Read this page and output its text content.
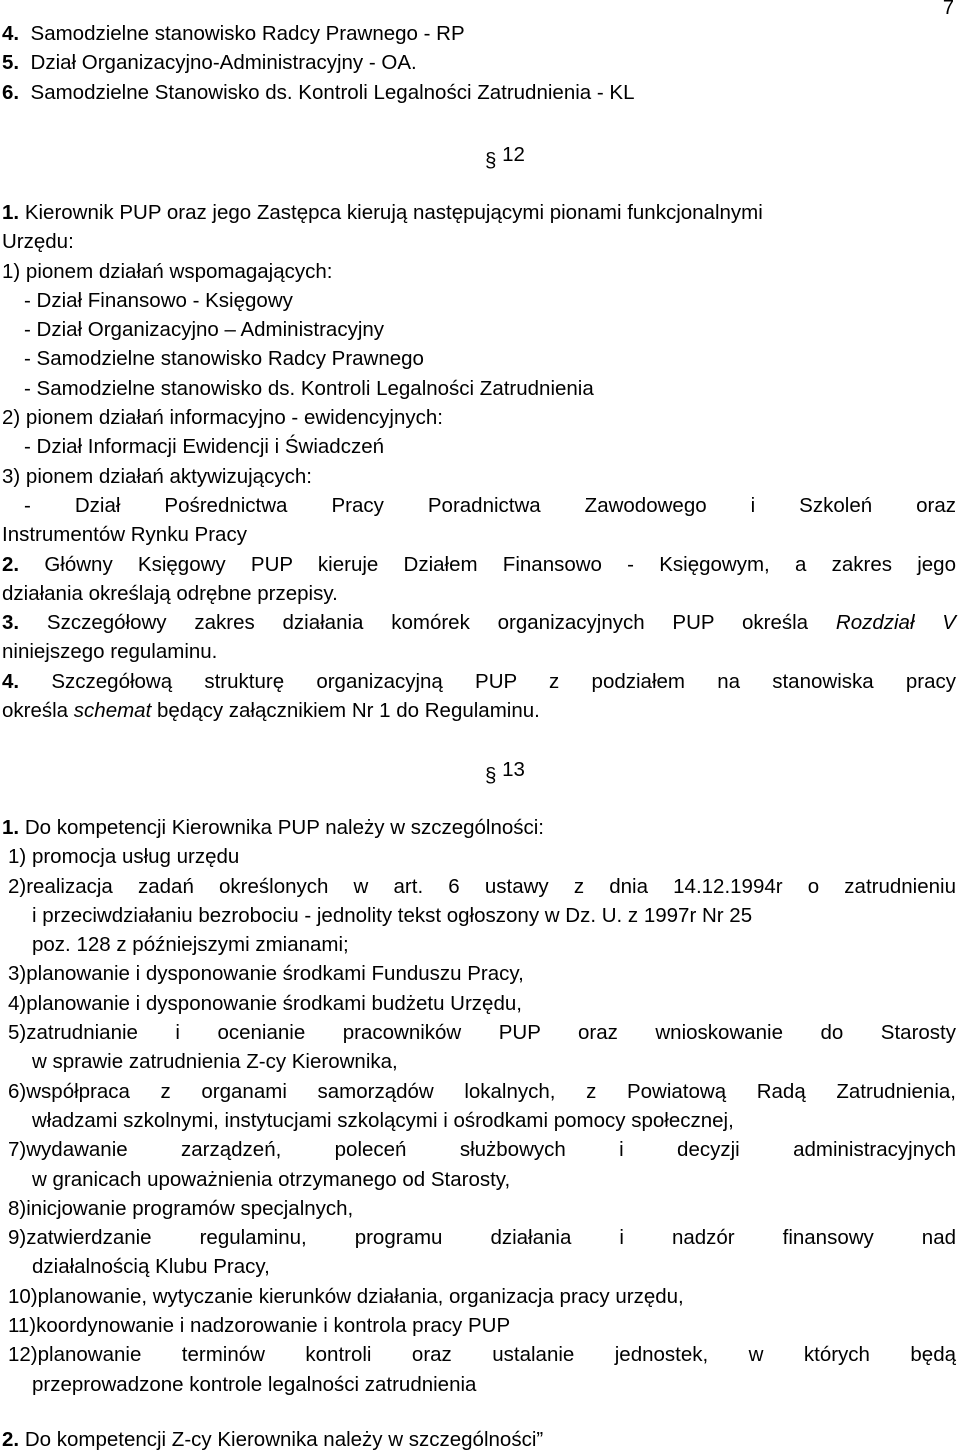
7
4. Samodzielne stanowisko Radcy Prawnego - RP
5. Dział Organizacyjno-Administracyjny - OA.
6. Samodzielne Stanowisko ds. Kontroli Legalności Zatrudnienia - KL
§ 12
1. Kierownik PUP oraz jego Zastępca kierują następującymi pionami funkcjonalnymi
Urzędu:
1) pionem działań wspomagających:
- Dział Finansowo - Księgowy
- Dział Organizacyjno – Administracyjny
- Samodzielne stanowisko Radcy Prawnego
- Samodzielne stanowisko ds. Kontroli Legalności Zatrudnienia
2) pionem działań informacyjno - ewidencyjnych:
- Dział Informacji Ewidencji i Świadczeń
3) pionem działań aktywizujących:
- Dział Pośrednictwa Pracy Poradnictwa Zawodowego i Szkoleń oraz
Instrumentów Rynku Pracy
2. Główny Księgowy PUP kieruje Działem Finansowo - Księgowym, a zakres jego
działania określają odrębne przepisy.
3. Szczegółowy zakres działania komórek organizacyjnych PUP określa Rozdział V
niniejszego regulaminu.
4. Szczegółową strukturę organizacyjną PUP z podziałem na stanowiska pracy
określa schemat będący załącznikiem Nr 1 do Regulaminu.
§ 13
1. Do kompetencji Kierownika PUP należy w szczególności:
1) promocja usług urzędu
2)realizacja zadań określonych w art. 6 ustawy z dnia 14.12.1994r o zatrudnieniu
i przeciwdziałaniu bezrobociu - jednolity tekst ogłoszony w Dz. U. z 1997r Nr 25
poz. 128 z późniejszymi zmianami;
3)planowanie i dysponowanie środkami Funduszu Pracy,
4)planowanie i dysponowanie środkami budżetu Urzędu,
5)zatrudnianie i ocenianie pracowników PUP oraz wnioskowanie do Starosty
w sprawie zatrudnienia Z-cy Kierownika,
6)współpraca z organami samorządów lokalnych, z Powiatową Radą Zatrudnienia,
władzami szkolnymi, instytucjami szkolącymi i ośrodkami pomocy społecznej,
7)wydawanie zarządzeń, poleceń służbowych i decyzji administracyjnych
w granicach upoważnienia otrzymanego od Starosty,
8)inicjowanie programów specjalnych,
9)zatwierdzanie regulaminu, programu działania i nadzór finansowy nad
działalnością Klubu Pracy,
10)planowanie, wytyczanie kierunków działania, organizacja pracy urzędu,
11)koordynowanie i nadzorowanie i kontrola pracy PUP
12)planowanie terminów kontroli oraz ustalanie jednostek, w których będą
przeprowadzone kontrole legalności zatrudnienia
2. Do kompetencji Z-cy Kierownika należy w szczególności”
